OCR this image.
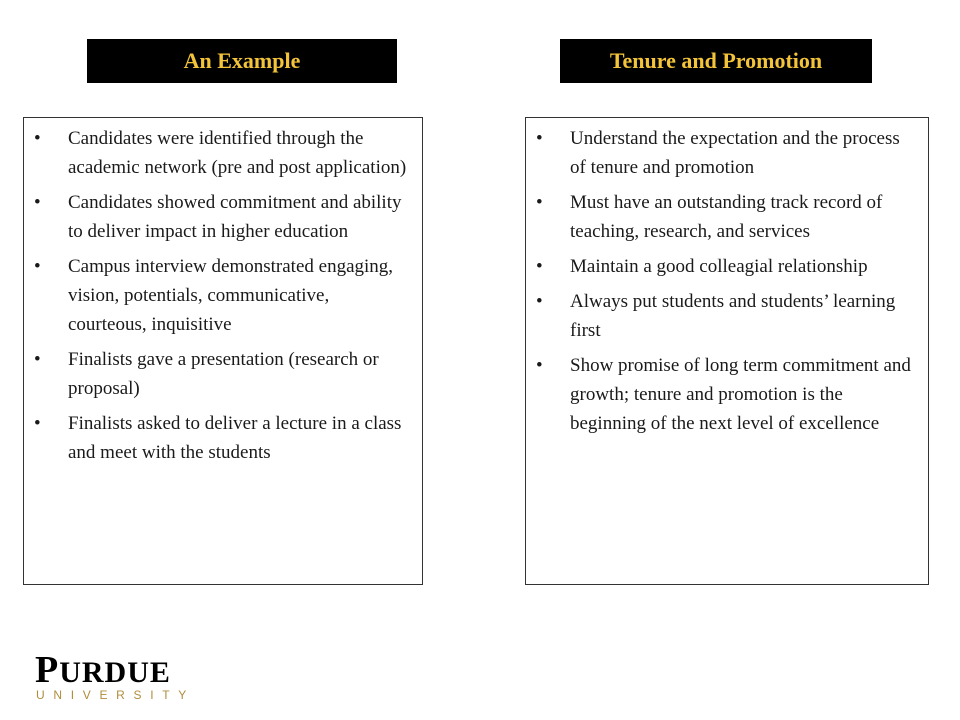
An Example	Tenure and Promotion
•	Candidates were identified through the academic network (pre and post application)
•	Candidates showed commitment and ability to deliver impact in higher education
•	Campus interview demonstrated engaging, vision, potentials, communicative, courteous, inquisitive
•	Finalists gave a presentation (research or proposal)
•	Finalists asked to deliver a lecture in a class and meet with the students
•	Understand the expectation and the process of tenure and promotion
•	Must have an outstanding track record of teaching, research, and services
•	Maintain a good colleagial relationship
•	Always put students and students’ learning first
•	Show promise of long term commitment and growth; tenure and promotion is the beginning of the next level of excellence
PURDUE
UNIVERSITY
